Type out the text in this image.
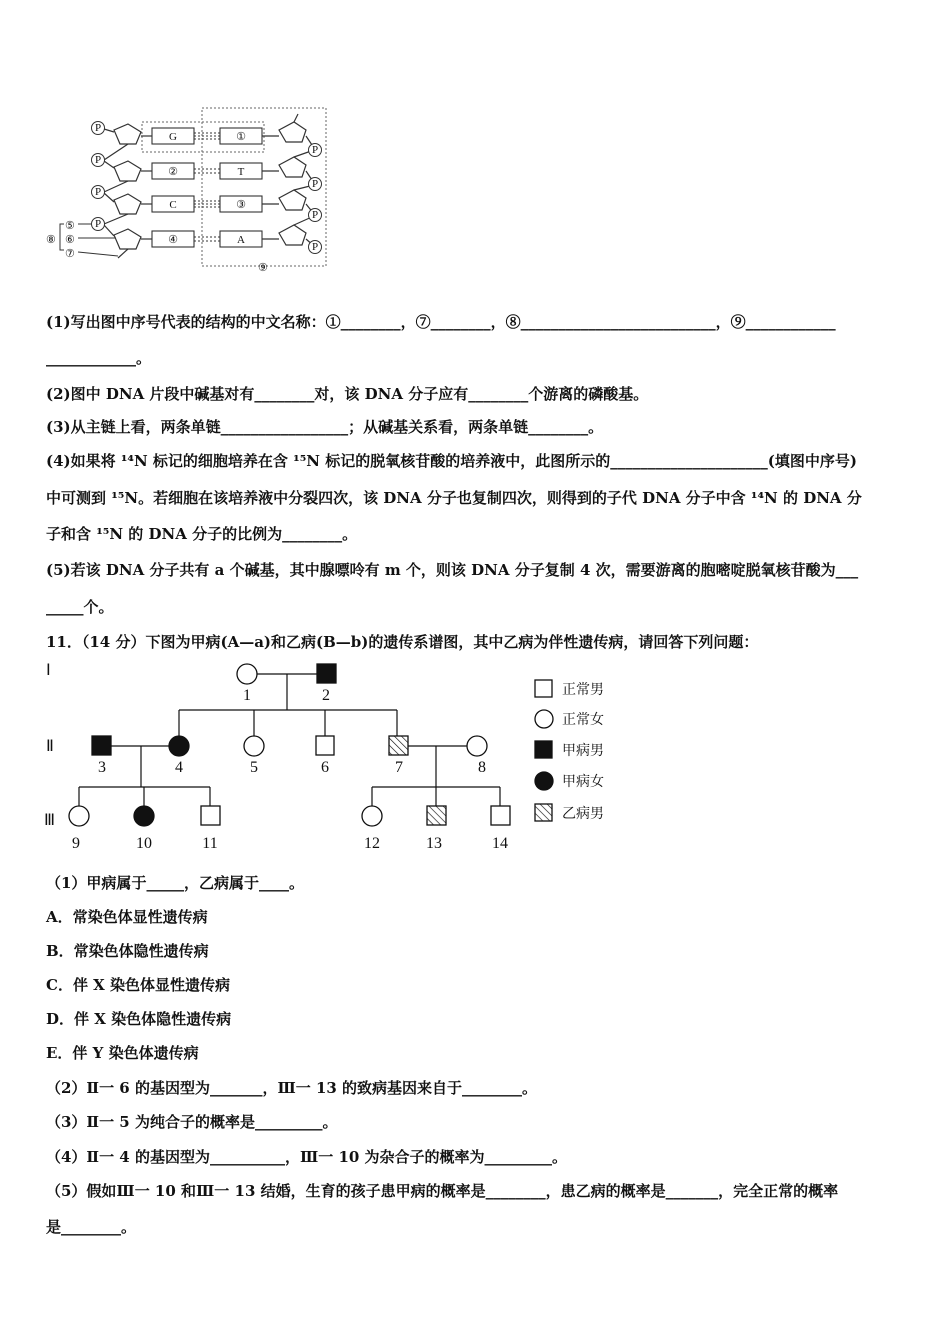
G
②
C
④
①
T
③
A
P
P
P
P
P
P
P
P
⑤
⑥
⑦
⑧
⑨
(1)写出图中序号代表的结构的中文名称：①________，⑦________，⑧__________________________，⑨____________
____________。
(2)图中 DNA 片段中碱基对有________对，该 DNA 分子应有________个游离的磷酸基。
(3)从主链上看，两条单链_________________；从碱基关系看，两条单链________。
(4)如果将 ¹⁴N 标记的细胞培养在含 ¹⁵N 标记的脱氧核苷酸的培养液中，此图所示的_____________________(填图中序号)
中可测到 ¹⁵N。若细胞在该培养液中分裂四次，该 DNA 分子也复制四次，则得到的子代 DNA 分子中含 ¹⁴N 的 DNA 分
子和含 ¹⁵N 的 DNA 分子的比例为________。
(5)若该 DNA 分子共有 a 个碱基，其中腺嘌呤有 m 个，则该 DNA 分子复制 4 次，需要游离的胞嘧啶脱氧核苷酸为___
_____个。
11．（14 分）下图为甲病(A—a)和乙病(B—b)的遗传系谱图，其中乙病为伴性遗传病，请回答下列问题：
Ⅰ
Ⅱ
Ⅲ
1	2
3	4	5	6	7	8
9	10	11	12	13	14
正常男
正常女
甲病男
甲病女
乙病男
（1）甲病属于_____，乙病属于____。
A．常染色体显性遗传病
B．常染色体隐性遗传病
C．伴 X 染色体显性遗传病
D．伴 X 染色体隐性遗传病
E．伴 Y 染色体遗传病
（2）Ⅱ一 6 的基因型为_______，Ⅲ一 13 的致病基因来自于________。
（3）Ⅱ一 5 为纯合子的概率是_________。
（4）Ⅱ一 4 的基因型为__________，Ⅲ一 10 为杂合子的概率为_________。
（5）假如Ⅲ一 10 和Ⅲ一 13 结婚，生育的孩子患甲病的概率是________，患乙病的概率是_______，完全正常的概率
是________。
